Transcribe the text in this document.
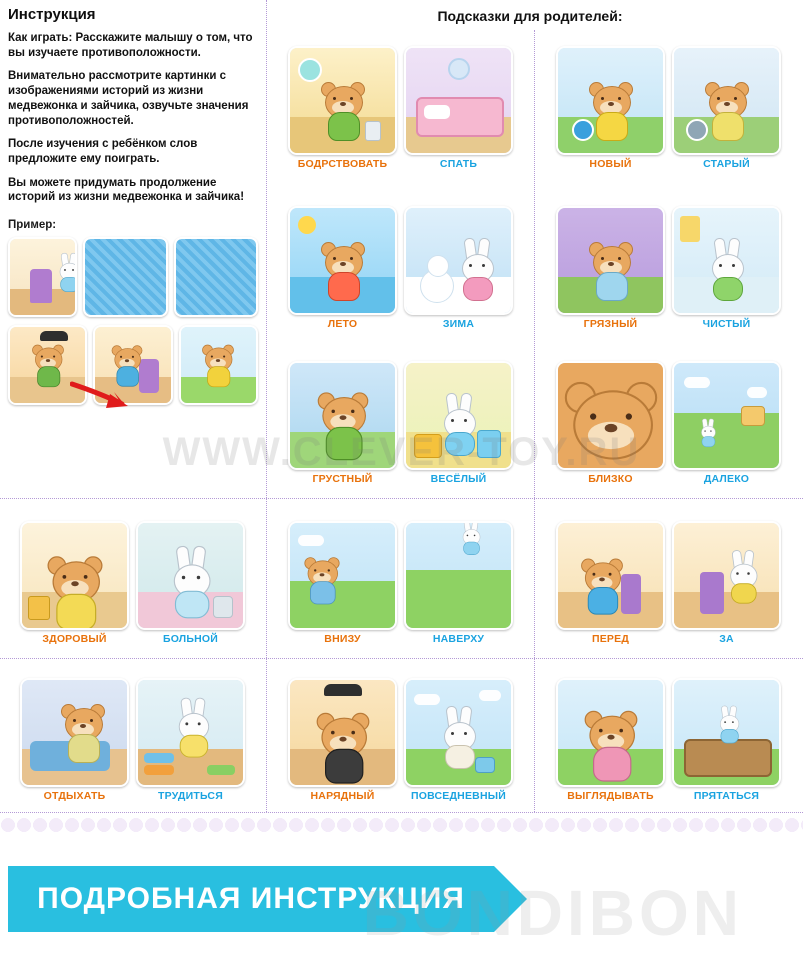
Инструкция

Как играть: Расскажите малышу о том, что вы изучаете противоположности.

Внимательно рассмотрите картинки с изображениями историй из жизни медвежонка и зайчика, озвучьте значения противоположностей.

После изучения с ребёнком слов предложите ему поиграть.

Вы можете придумать продолжение историй из жизни медвежонка и зайчика!

Пример:
Подсказки для родителей:
БОДРСТВОВАТЬ	СПАТЬ
ЛЕТО	ЗИМА
ГРУСТНЫЙ	ВЕСЁЛЫЙ
НОВЫЙ	СТАРЫЙ
ГРЯЗНЫЙ	ЧИСТЫЙ
БЛИЗКО	ДАЛЕКО
ЗДОРОВЫЙ	БОЛЬНОЙ	ВНИЗУ	НАВЕРХУ	ПЕРЕД	ЗА
ОТДЫХАТЬ	ТРУДИТЬСЯ	НАРЯДНЫЙ	ПОВСЕДНЕВНЫЙ	ВЫГЛЯДЫВАТЬ	ПРЯТАТЬСЯ
WWW.CLEVER-TOY.RU
BONDIBON
ПОДРОБНАЯ ИНСТРУКЦИЯ
